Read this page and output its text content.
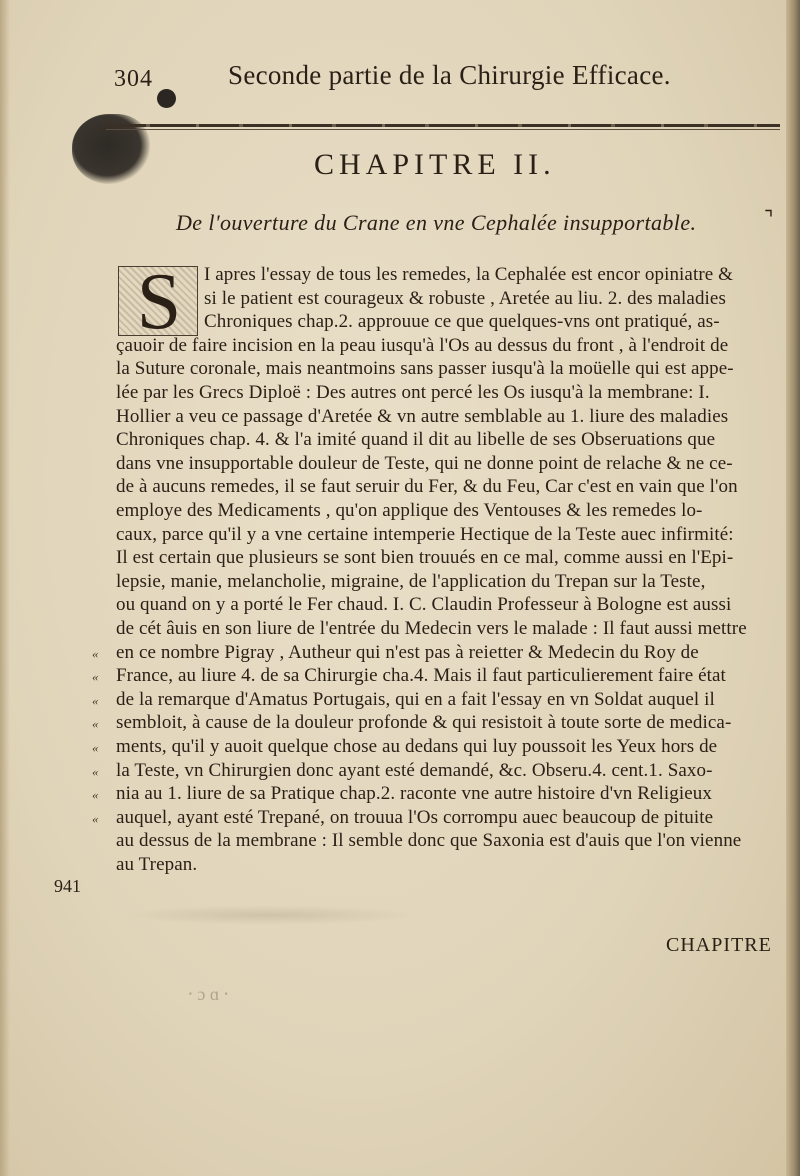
304	Seconde partie de la Chirurgie Efficace.
CHAPITRE II.
De l'ouverture du Crane en vne Cephalée insupportable.	⌝
S	I apres l'essay de tous les remedes, la Cephalée est encor opiniatre &
si le patient est courageux & robuste , Aretée au liu. 2. des maladies
Chroniques chap.2. approuue ce que quelques-vns ont pratiqué, as-
çauoir de faire incision en la peau iusqu'à l'Os au dessus du front , à l'endroit de
la Suture coronale, mais neantmoins sans passer iusqu'à la moüelle qui est appe-
lée par les Grecs Diploë : Des autres ont percé les Os iusqu'à la membrane: I.
Hollier a veu ce passage d'Aretée & vn autre semblable au 1. liure des maladies
Chroniques chap. 4. & l'a imité quand il dit au libelle de ses Obseruations que
dans vne insupportable douleur de Teste, qui ne donne point de relache & ne ce-
de à aucuns remedes, il se faut seruir du Fer, & du Feu, Car c'est en vain que l'on
employe des Medicaments , qu'on applique des Ventouses & les remedes lo-
caux, parce qu'il y a vne certaine intemperie Hectique de la Teste auec infirmité:
Il est certain que plusieurs se sont bien trouués en ce mal, comme aussi en l'Epi-
lepsie, manie, melancholie, migraine, de l'application du Trepan sur la Teste,
ou quand on y a porté le Fer chaud. I. C. Claudin Professeur à Bologne est aussi
de cét âuis en son liure de l'entrée du Medecin vers le malade : Il faut aussi mettre
en ce nombre Pigray , Autheur qui n'est pas à reietter & Medecin du Roy de
France, au liure 4. de sa Chirurgie cha.4. Mais il faut particulierement faire état
de la remarque d'Amatus Portugais, qui en a fait l'essay en vn Soldat auquel il
sembloit, à cause de la douleur profonde & qui resistoit à toute sorte de medica-
ments, qu'il y auoit quelque chose au dedans qui luy poussoit les Yeux hors de
la Teste, vn Chirurgien donc ayant esté demandé, &c. Obseru.4. cent.1. Saxo-
nia au 1. liure de sa Pratique chap.2. raconte vne autre histoire d'vn Religieux
auquel, ayant esté Trepané, on trouua l'Os corrompu auec beaucoup de pituite
au dessus de la membrane : Il semble donc que Saxonia est d'auis que l'on vienne
au Trepan.
«
«
«
«
«
«
«
«
941
CHAPITRE
⸱ ɔ ɑ ⸱
